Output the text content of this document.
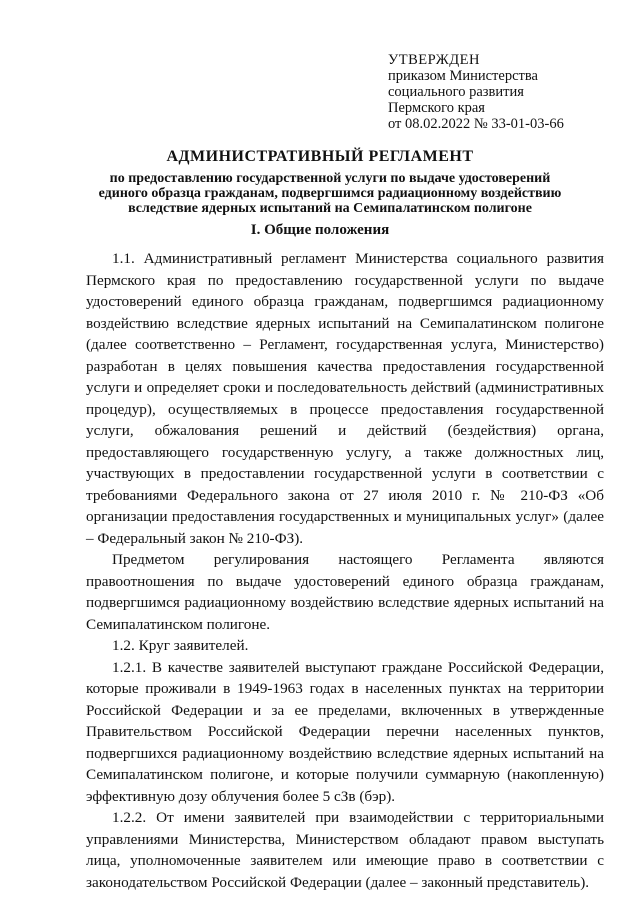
УТВЕРЖДЕН
приказом Министерства
социального развития
Пермского края
от 08.02.2022 № 33-01-03-66
АДМИНИСТРАТИВНЫЙ РЕГЛАМЕНТ
по предоставлению государственной услуги по выдаче удостоверений
единого образца гражданам, подвергшимся радиационному воздействию
вследствие ядерных испытаний на Семипалатинском полигоне
I. Общие положения

1.1. Административный регламент Министерства социального развития Пермского края по предоставлению государственной услуги по выдаче удостоверений единого образца гражданам, подвергшимся радиационному воздействию вследствие ядерных испытаний на Семипалатинском полигоне (далее соответственно – Регламент, государственная услуга, Министерство) разработан в целях повышения качества предоставления государственной услуги и определяет сроки и последовательность действий (административных процедур), осуществляемых в процессе предоставления государственной услуги, обжалования решений и действий (бездействия) органа, предоставляющего государственную услугу, а также должностных лиц, участвующих в предоставлении государственной услуги в соответствии с требованиями Федерального закона от 27 июля 2010 г. № 210-ФЗ «Об организации предоставления государственных и муниципальных услуг» (далее – Федеральный закон № 210-ФЗ).

Предметом регулирования настоящего Регламента являются правоотношения по выдаче удостоверений единого образца гражданам, подвергшимся радиационному воздействию вследствие ядерных испытаний на Семипалатинском полигоне.

1.2. Круг заявителей.

1.2.1. В качестве заявителей выступают граждане Российской Федерации, которые проживали в 1949-1963 годах в населенных пунктах на территории Российской Федерации и за ее пределами, включенных в утвержденные Правительством Российской Федерации перечни населенных пунктов, подвергшихся радиационному воздействию вследствие ядерных испытаний на Семипалатинском полигоне, и которые получили суммарную (накопленную) эффективную дозу облучения более 5 сЗв (бэр).

1.2.2. От имени заявителей при взаимодействии с территориальными управлениями Министерства, Министерством обладают правом выступать лица, уполномоченные заявителем или имеющие право в соответствии с законодательством Российской Федерации (далее – законный представитель).
